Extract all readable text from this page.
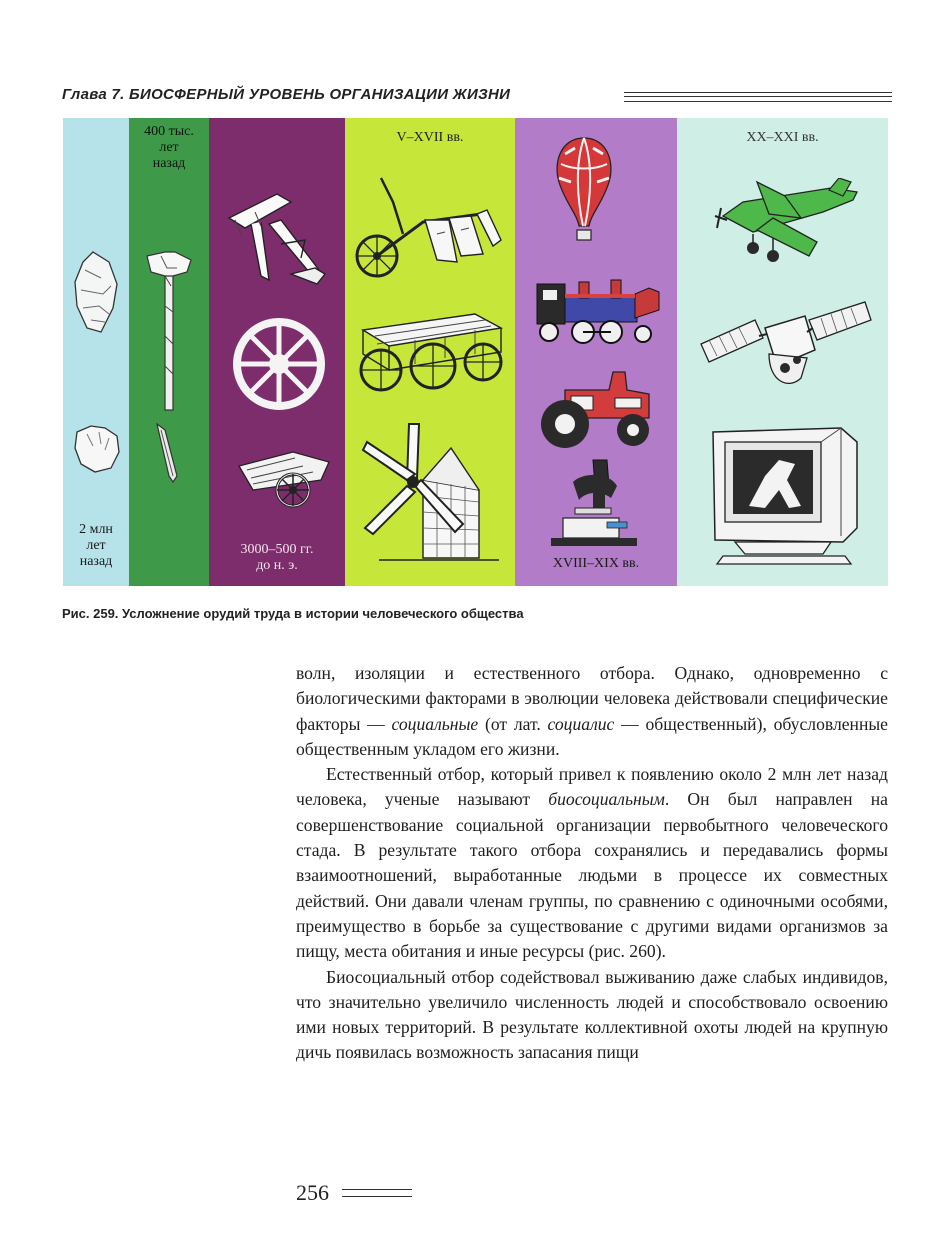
Глава 7. БИОСФЕРНЫЙ УРОВЕНЬ ОРГАНИЗАЦИИ ЖИЗНИ
2 млн
лет
назад
400 тыс.
лет
назад
3000–500 гг.
до н. э.
V–XVII вв.
XVIII–XIX вв.
XX–XXI вв.
Рис. 259. Усложнение орудий труда в истории человеческого общества

волн, изоляции и естественного отбора. Однако, одновременно с биологическими факторами в эволюции человека действовали специфические факторы — социальные (от лат. социалис — общественный), обусловленные общественным укладом его жизни.

Естественный отбор, который привел к появлению около 2 млн лет назад человека, ученые называют биосоциальным. Он был направлен на совершенствование социальной организации первобытного человеческого стада. В результате такого отбора сохранялись и передавались формы взаимоотношений, выработанные людьми в процессе их совместных действий. Они давали членам группы, по сравнению с одиночными особями, преимущество в борьбе за существование с другими видами организмов за пищу, места обитания и иные ресурсы (рис. 260).

Биосоциальный отбор содействовал выживанию даже слабых индивидов, что значительно увеличило численность людей и способствовало освоению ими новых территорий. В результате коллективной охоты людей на крупную дичь появилась возможность запасания пищи

256
